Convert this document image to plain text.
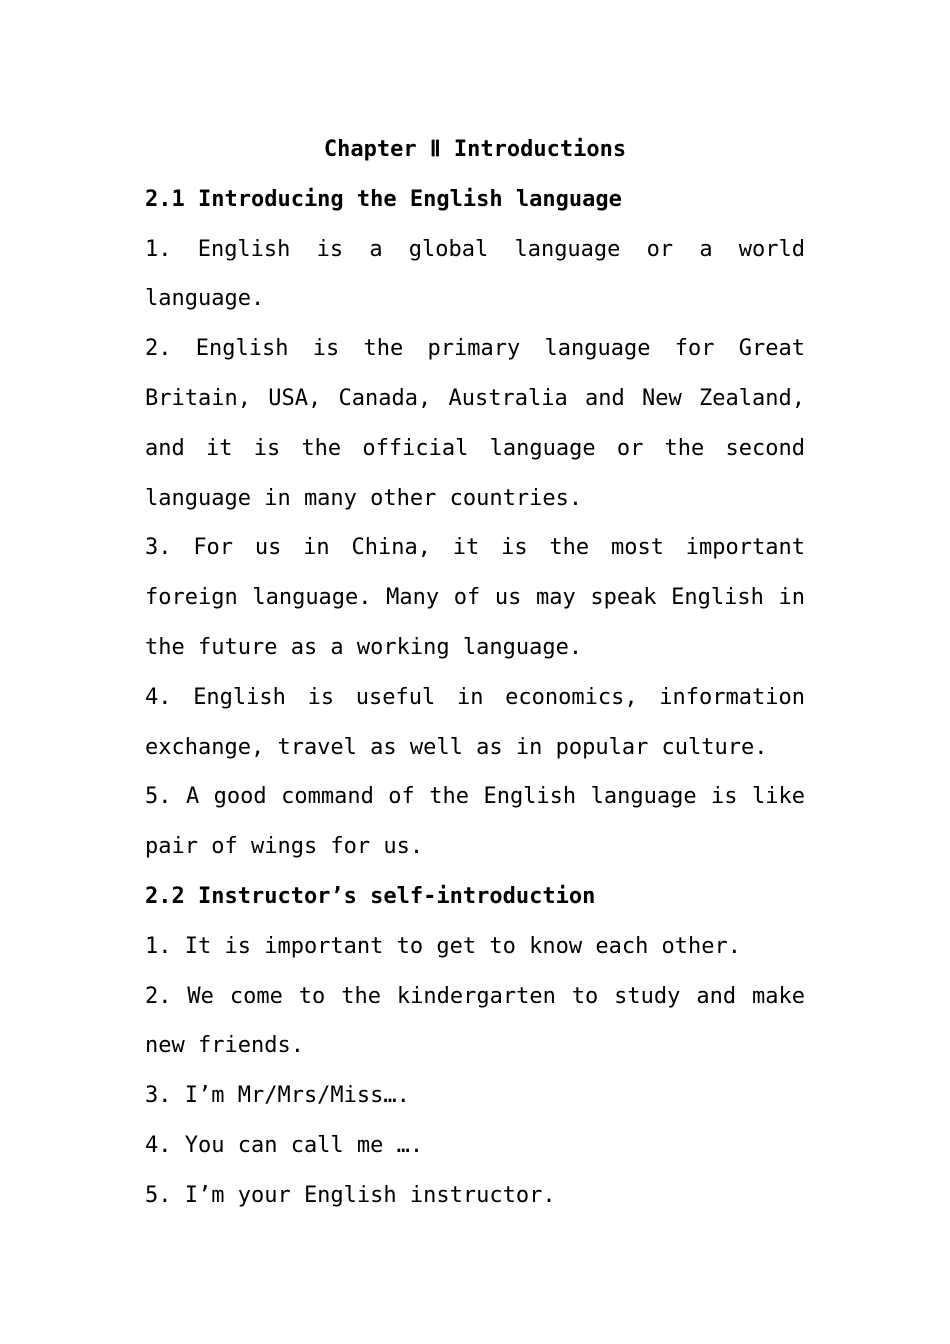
Chapter Ⅱ Introductions
2.1 Introducing the English language
1. English is a global language or a world
language.
2. English is the primary language for Great
Britain, USA, Canada, Australia and New Zealand,
and it is the official language or the second
language in many other countries.
3. For us in China, it is the most important
foreign language. Many of us may speak English in
the future as a working language.
4. English is useful in economics, information
exchange, travel as well as in popular culture.
5. A good command of the English language is like
pair of wings for us.
2.2 Instructor’s self-introduction
1. It is important to get to know each other.
2. We come to the kindergarten to study and make
new friends.
3. I’m Mr/Mrs/Miss….
4. You can call me ….
5. I’m your English instructor.
